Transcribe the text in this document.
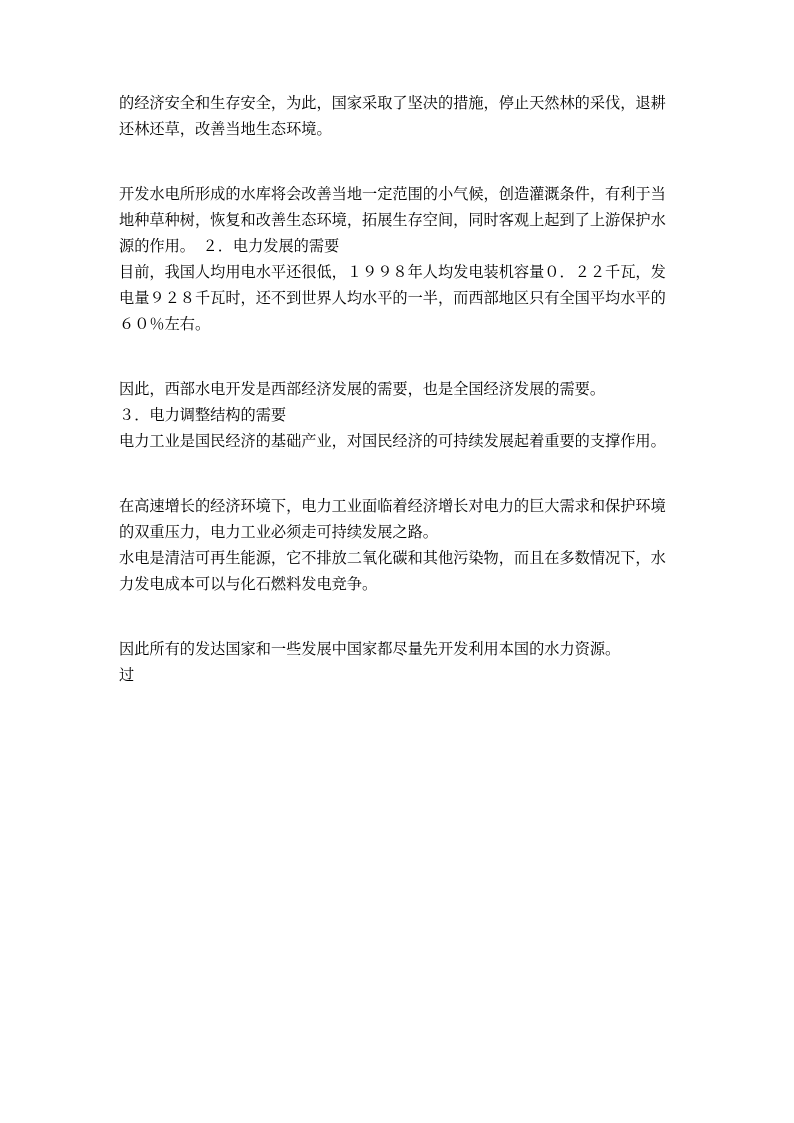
的经济安全和生存安全，为此，国家采取了坚决的措施，停止天然林的采伐，退耕还林还草，改善当地生态环境。

开发水电所形成的水库将会改善当地一定范围的小气候，创造灌溉条件，有利于当地种草种树，恢复和改善生态环境，拓展生存空间，同时客观上起到了上游保护水源的作用。　２．电力发展的需要

目前，我国人均用电水平还很低，１９９８年人均发电装机容量０．２２千瓦，发电量９２８千瓦时，还不到世界人均水平的一半，而西部地区只有全国平均水平的６０％左右。

因此，西部水电开发是西部经济发展的需要，也是全国经济发展的需要。

３．电力调整结构的需要

电力工业是国民经济的基础产业，对国民经济的可持续发展起着重要的支撑作用。

在高速增长的经济环境下，电力工业面临着经济增长对电力的巨大需求和保护环境的双重压力，电力工业必须走可持续发展之路。

水电是清洁可再生能源，它不排放二氧化碳和其他污染物，而且在多数情况下，水力发电成本可以与化石燃料发电竞争。

因此所有的发达国家和一些发展中国家都尽量先开发利用本国的水力资源。

过
